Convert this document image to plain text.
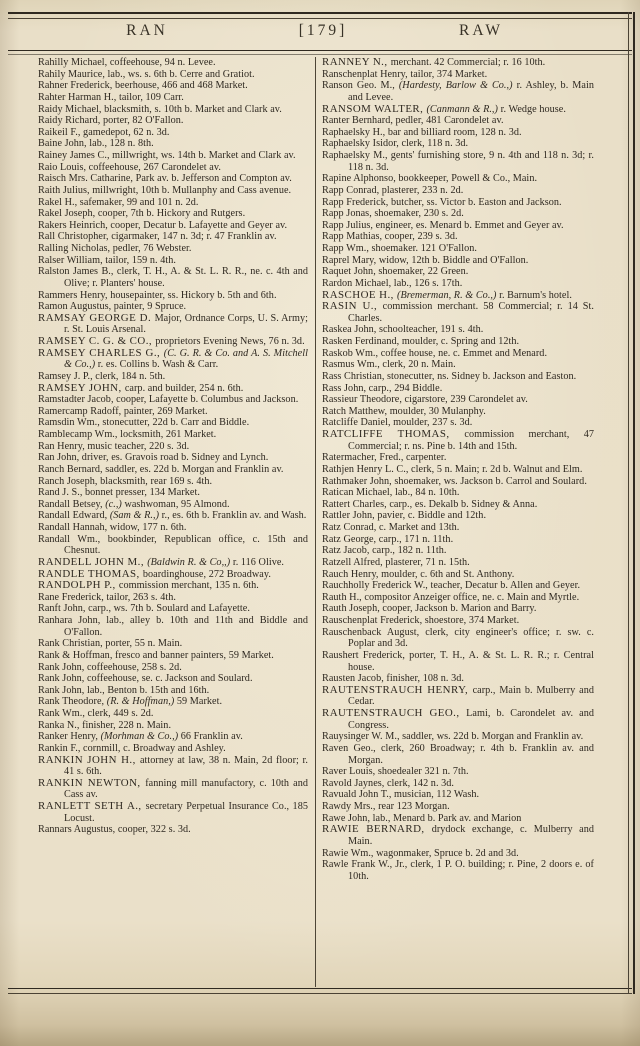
RAN	[179]	RAW

Rahilly Michael, coffeehouse, 94 n. Levee.

Rahily Maurice, lab., ws. s. 6th b. Cerre and Gratiot.

Rahner Frederick, beerhouse, 466 and 468 Market.

Rahter Harman H., tailor, 109 Carr.

Raidy Michael, blacksmith, s. 10th b. Market and Clark av.

Raidy Richard, porter, 82 O'Fallon.

Raikeil F., gamedepot, 62 n. 3d.

Baine John, lab., 128 n. 8th.

Rainey James C., millwright, ws. 14th b. Market and Clark av.

Raio Louis, coffeehouse, 267 Carondelet av.

Raisch Mrs. Catharine, Park av. b. Jefferson and Compton av.

Raith Julius, millwright, 10th b. Mullanphy and Cass avenue.

Rakel H., safemaker, 99 and 101 n. 2d.

Rakel Joseph, cooper, 7th b. Hickory and Rutgers.

Rakers Heinrich, cooper, Decatur b. Lafayette and Geyer av.

Rall Christopher, cigarmaker, 147 n. 3d; r. 47 Franklin av.

Ralling Nicholas, pedler, 76 Webster.

Ralser William, tailor, 159 n. 4th.

Ralston James B., clerk, T. H., A. & St. L. R. R., ne. c. 4th and Olive; r. Planters' house.

Rammers Henry, housepainter, ss. Hickory b. 5th and 6th.

Ramon Augustus, painter, 9 Spruce.

RAMSAY GEORGE D. Major, Ordnance Corps, U. S. Army; r. St. Louis Arsenal.

RAMSEY C. G. & CO., proprietors Evening News, 76 n. 3d.

RAMSEY CHARLES G., (C. G. R. & Co. and A. S. Mitchell & Co.,) r. es. Collins b. Wash & Carr.

Ramsey J. P., clerk, 184 n. 5th.

RAMSEY JOHN, carp. and builder, 254 n. 6th.

Ramstadter Jacob, cooper, Lafayette b. Columbus and Jackson.

Ramercamp Radoff, painter, 269 Market.

Ramsdin Wm., stonecutter, 22d b. Carr and Biddle.

Ramblecamp Wm., locksmith, 261 Market.

Ran Henry, music teacher, 220 s. 3d.

Ran John, driver, es. Gravois road b. Sidney and Lynch.

Ranch Bernard, saddler, es. 22d b. Morgan and Franklin av.

Ranch Joseph, blacksmith, rear 169 s. 4th.

Rand J. S., bonnet presser, 134 Market.

Randall Betsey, (c.,) washwoman, 95 Almond.

Randall Edward, (Sam & R.,) r., es. 6th b. Franklin av. and Wash.

Randall Hannah, widow, 177 n. 6th.

Randall Wm., bookbinder, Republican office, c. 15th and Chesnut.

RANDELL JOHN M., (Baldwin R. & Co,,) r. 116 Olive.

RANDLE THOMAS, boardinghouse, 272 Broadway.

RANDOLPH P., commission merchant, 135 n. 6th.

Rane Frederick, tailor, 263 s. 4th.

Ranft John, carp., ws. 7th b. Soulard and Lafayette.

Ranhara John, lab., alley b. 10th and 11th and Biddle and O'Fallon.

Rank Christian, porter, 55 n. Main.

Rank & Hoffman, fresco and banner painters, 59 Market.

Rank John, coffeehouse, 258 s. 2d.

Rank John, coffeehouse, se. c. Jackson and Soulard.

Rank John, lab., Benton b. 15th and 16th.

Rank Theodore, (R. & Hoffman,) 59 Market.

Rank Wm., clerk, 449 s. 2d.

Ranka N., finisher, 228 n. Main.

Ranker Henry, (Morhman & Co.,) 66 Franklin av.

Rankin F., cornmill, c. Broadway and Ashley.

RANKIN JOHN H., attorney at law, 38 n. Main, 2d floor; r. 41 s. 6th.

RANKIN NEWTON, fanning mill manufactory, c. 10th and Cass av.

RANLETT SETH A., secretary Perpetual Insurance Co., 185 Locust.

Rannars Augustus, cooper, 322 s. 3d.

RANNEY N., merchant. 42 Commercial; r. 16 10th.

Ranschenplat Henry, tailor, 374 Market.

Ranson Geo. M., (Hardesty, Barlow & Co.,) r. Ashley, b. Main and Levee.

RANSOM WALTER, (Canmann & R.,) r. Wedge house.

Ranter Bernhard, pedler, 481 Carondelet av.

Raphaelsky H., bar and billiard room, 128 n. 3d.

Raphaelsky Isidor, clerk, 118 n. 3d.

Raphaelsky M., gents' furnishing store, 9 n. 4th and 118 n. 3d; r. 118 n. 3d.

Rapine Alphonso, bookkeeper, Powell & Co., Main.

Rapp Conrad, plasterer, 233 n. 2d.

Rapp Frederick, butcher, ss. Victor b. Easton and Jackson.

Rapp Jonas, shoemaker, 230 s. 2d.

Rapp Julius, engineer, es. Menard b. Emmet and Geyer av.

Rapp Mathias, cooper, 239 s. 3d.

Rapp Wm., shoemaker. 121 O'Fallon.

Raprel Mary, widow, 12th b. Biddle and O'Fallon.

Raquet John, shoemaker, 22 Green.

Rardon Michael, lab., 126 s. 17th.

RASCHOE H., (Bremerman, R. & Co.,) r. Barnum's hotel.

RASIN U., commission merchant. 58 Commercial; r. 14 St. Charles.

Raskea John, schoolteacher, 191 s. 4th.

Rasken Ferdinand, moulder, c. Spring and 12th.

Raskob Wm., coffee house, ne. c. Emmet and Menard.

Rasmus Wm., clerk, 20 n. Main.

Rass Christian, stonecutter, ns. Sidney b. Jackson and Easton.

Rass John, carp., 294 Biddle.

Rassieur Theodore, cigarstore, 239 Carondelet av.

Ratch Matthew, moulder, 30 Mulanphy.

Ratcliffe Daniel, moulder, 237 s. 3d.

RATCLIFFE THOMAS, commission merchant, 47 Commercial; r. ns. Pine b. 14th and 15th.

Ratermacher, Fred., carpenter.

Rathjen Henry L. C., clerk, 5 n. Main; r. 2d b. Walnut and Elm.

Rathmaker John, shoemaker, ws. Jackson b. Carrol and Soulard.

Ratican Michael, lab., 84 n. 10th.

Rattert Charles, carp., es. Dekalb b. Sidney & Anna.

Rattler John, pavier, c. Biddle and 12th.

Ratz Conrad, c. Market and 13th.

Ratz George, carp., 171 n. 11th.

Ratz Jacob, carp., 182 n. 11th.

Ratzell Alfred, plasterer, 71 n. 15th.

Rauch Henry, moulder, c. 6th and St. Anthony.

Rauchholly Frederick W., teacher, Decatur b. Allen and Geyer.

Rauth H., compositor Anzeiger office, ne. c. Main and Myrtle.

Rauth Joseph, cooper, Jackson b. Marion and Barry.

Rauschenplat Frederick, shoestore, 374 Market.

Rauschenback August, clerk, city engineer's office; r. sw. c. Poplar and 3d.

Raushert Frederick, porter, T. H., A. & St. L. R. R.; r. Central house.

Rausten Jacob, finisher, 108 n. 3d.

RAUTENSTRAUCH HENRY, carp., Main b. Mulberry and Cedar.

RAUTENSTRAUCH GEO., Lami, b. Carondelet av. and Congress.

Rauysinger W. M., saddler, ws. 22d b. Morgan and Franklin av.

Raven Geo., clerk, 260 Broadway; r. 4th b. Franklin av. and Morgan.

Raver Louis, shoedealer 321 n. 7th.

Ravold Jaynes, clerk, 142 n. 3d.

Ravuald John T., musician, 112 Wash.

Rawdy Mrs., rear 123 Morgan.

Rawe John, lab., Menard b. Park av. and Marion

RAWIE BERNARD, drydock exchange, c. Mulberry and Main.

Rawie Wm., wagonmaker, Spruce b. 2d and 3d.

Rawle Frank W., Jr., clerk, 1 P. O. building; r. Pine, 2 doors e. of 10th.
